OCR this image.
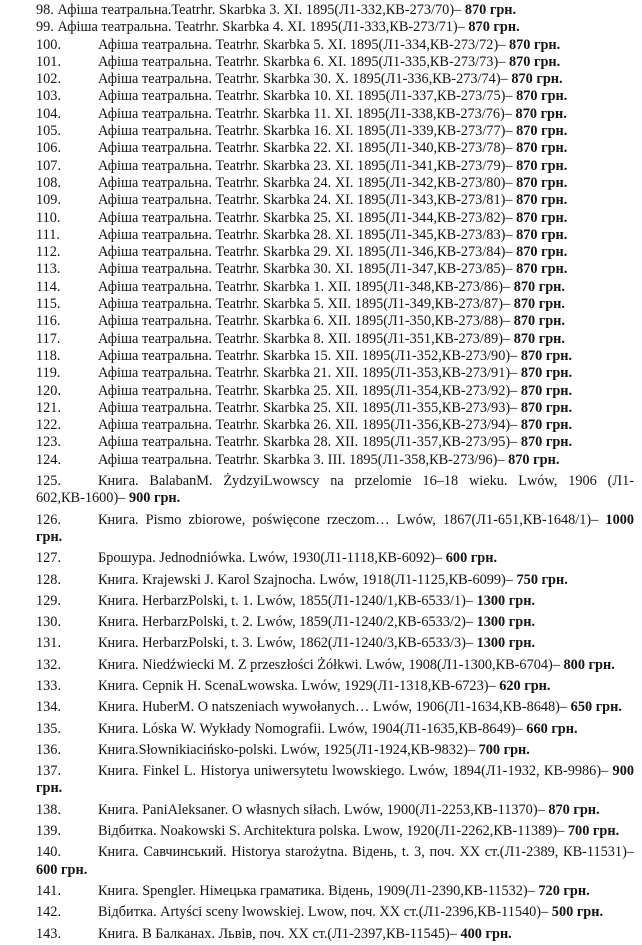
98. Афіша театральна.Teatrhr. Skarbka 3. XI. 1895(Л1-332,КВ-273/70)– 870 грн.
99. Афіша театральна. Teatrhr. Skarbka 4. XI. 1895(Л1-333,КВ-273/71)– 870 грн.
100.	Афіша театральна. Teatrhr. Skarbka 5. XI. 1895(Л1-334,КВ-273/72)– 870 грн.
101.	Афіша театральна. Teatrhr. Skarbka 6. XI. 1895(Л1-335,КВ-273/73)– 870 грн.
102.	Афіша театральна. Teatrhr. Skarbka 30. X. 1895(Л1-336,КВ-273/74)– 870 грн.
103.	Афіша театральна. Teatrhr. Skarbka 10. XI. 1895(Л1-337,КВ-273/75)– 870 грн.
104.	Афіша театральна. Teatrhr. Skarbka 11. XI. 1895(Л1-338,КВ-273/76)– 870 грн.
105.	Афіша театральна. Teatrhr. Skarbka 16. XI. 1895(Л1-339,КВ-273/77)– 870 грн.
106.	Афіша театральна. Teatrhr. Skarbka 22. XI. 1895(Л1-340,КВ-273/78)– 870 грн.
107.	Афіша театральна. Teatrhr. Skarbka 23. XI. 1895(Л1-341,КВ-273/79)– 870 грн.
108.	Афіша театральна. Teatrhr. Skarbka 24. XI. 1895(Л1-342,КВ-273/80)– 870 грн.
109.	Афіша театральна. Teatrhr. Skarbka 24. XI. 1895(Л1-343,КВ-273/81)– 870 грн.
110.	Афіша театральна. Teatrhr. Skarbka 25. XI. 1895(Л1-344,КВ-273/82)– 870 грн.
111.	Афіша театральна. Teatrhr. Skarbka 28. XI. 1895(Л1-345,КВ-273/83)– 870 грн.
112.	Афіша театральна. Teatrhr. Skarbka 29. XI. 1895(Л1-346,КВ-273/84)– 870 грн.
113.	Афіша театральна. Teatrhr. Skarbka 30. XI. 1895(Л1-347,КВ-273/85)– 870 грн.
114.	Афіша театральна. Teatrhr. Skarbka 1. XII. 1895(Л1-348,КВ-273/86)– 870 грн.
115.	Афіша театральна. Teatrhr. Skarbka 5. XII. 1895(Л1-349,КВ-273/87)– 870 грн.
116.	Афіша театральна. Teatrhr. Skarbka 6. XII. 1895(Л1-350,КВ-273/88)– 870 грн.
117.	Афіша театральна. Teatrhr. Skarbka 8. XII. 1895(Л1-351,КВ-273/89)– 870 грн.
118.	Афіша театральна. Teatrhr. Skarbka 15. XII. 1895(Л1-352,КВ-273/90)– 870 грн.
119.	Афіша театральна. Teatrhr. Skarbka 21. XII. 1895(Л1-353,КВ-273/91)– 870 грн.
120.	Афіша театральна. Teatrhr. Skarbka 25. XII. 1895(Л1-354,КВ-273/92)– 870 грн.
121.	Афіша театральна. Teatrhr. Skarbka 25. XII. 1895(Л1-355,КВ-273/93)– 870 грн.
122.	Афіша театральна. Teatrhr. Skarbka 26. XII. 1895(Л1-356,КВ-273/94)– 870 грн.
123.	Афіша театральна. Teatrhr. Skarbka 28. XII. 1895(Л1-357,КВ-273/95)– 870 грн.
124.	Афіша театральна. Teatrhr. Skarbka 3. III. 1895(Л1-358,КВ-273/96)– 870 грн.
125.	Книга. BalabanM. ŻydzyiLwowscy na przelomie 16–18 wieku. Lwów, 1906 (Л1-602,КВ-1600)– 900 грн.
126.	Книга. Pismo zbiorowe, poświęcone rzeczom… Lwów, 1867(Л1-651,КВ-1648/1)– 1000 грн.
127.	Брошура. Jednodniówka. Lwów, 1930(Л1-1118,КВ-6092)– 600 грн.
128.	Книга. Krajewski J. Karol Szajnocha. Lwów, 1918(Л1-1125,КВ-6099)– 750 грн.
129.	Книга. HerbarzPolski, t. 1. Lwów, 1855(Л1-1240/1,КВ-6533/1)– 1300 грн.
130.	Книга. HerbarzPolski, t. 2. Lwów, 1859(Л1-1240/2,КВ-6533/2)– 1300 грн.
131.	Книга. HerbarzPolski, t. 3. Lwów, 1862(Л1-1240/3,КВ-6533/3)– 1300 грн.
132.	Книга. Niedźwiecki M. Z przeszłości Żółkwi. Lwów, 1908(Л1-1300,КВ-6704)– 800 грн.
133.	Книга. Cepnik H. ScenaLwowska. Lwów, 1929(Л1-1318,КВ-6723)– 620 грн.
134.	Книга. HuberM. O natszeniach wywołanych… Lwów, 1906(Л1-1634,КВ-8648)– 650 грн.
135.	Книга. Lóska W. Wykłady Nomografii. Lwów, 1904(Л1-1635,КВ-8649)– 660 грн.
136.	Книга.Słownikiacińsko-polski. Lwów, 1925(Л1-1924,КВ-9832)– 700 грн.
137.	Книга. Finkel L. Historya uniwersytetu lwowskiego. Lwów, 1894(Л1-1932, КВ-9986)– 900 грн.
138.	Книга. PaniAleksaner. O własnych siłach. Lwów, 1900(Л1-2253,КВ-11370)– 870 грн.
139.	Відбитка. Noakowski S. Architektura polska. Lwow, 1920(Л1-2262,КВ-11389)– 700 грн.
140.	Книга. Савчинський. Historya starożytna. Відень, t. 3, поч. XX ст.(Л1-2389, КВ-11531)– 600 грн.
141.	Книга. Spengler. Німецька граматика. Відень, 1909(Л1-2390,КВ-11532)– 720 грн.
142.	Відбитка. Artyści sceny lwowskiej. Lwow, поч. XX ст.(Л1-2396,КВ-11540)– 500 грн.
143.	Книга. В Балканах. Львів, поч. XX ст.(Л1-2397,КВ-11545)– 400 грн.
